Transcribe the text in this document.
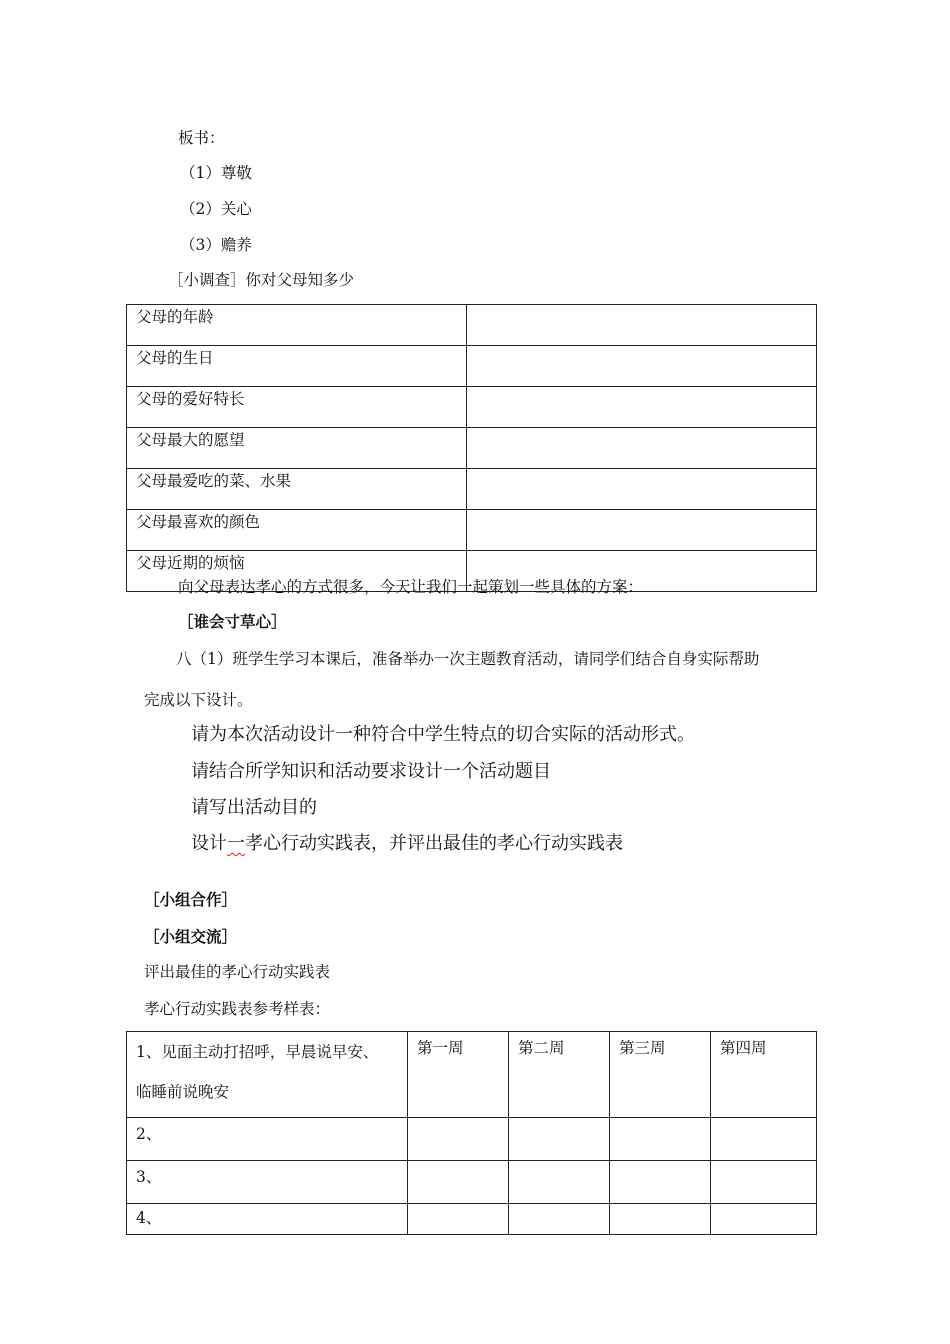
板书：
（1）尊敬
（2）关心
（3）赡养
［小调查］你对父母知多少
父母的年龄	
父母的生日	
父母的爱好特长	
父母最大的愿望	
父母最爱吃的菜、水果	
父母最喜欢的颜色	
父母近期的烦恼	
向父母表达孝心的方式很多，今天让我们一起策划一些具体的方案：
［谁会寸草心］
八（1）班学生学习本课后，准备举办一次主题教育活动，请同学们结合自身实际帮助
完成以下设计。
请为本次活动设计一种符合中学生特点的切合实际的活动形式。
请结合所学知识和活动要求设计一个活动题目
请写出活动目的
设计一孝心行动实践表，并评出最佳的孝心行动实践表
［小组合作］
［小组交流］
评出最佳的孝心行动实践表
孝心行动实践表参考样表：
1、见面主动打招呼，早晨说早安、
临睡前说晚安	第一周	第二周	第三周	第四周
2、				
3、				
4、				
